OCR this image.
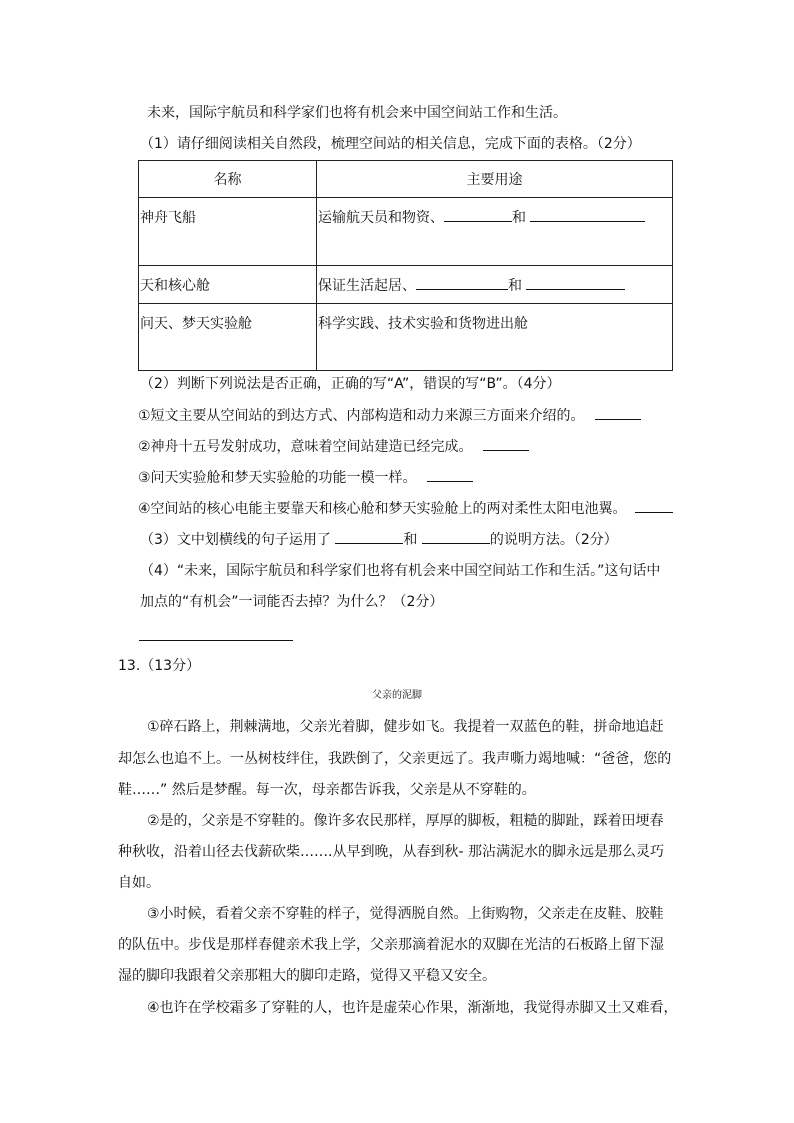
未来，国际宇航员和科学家们也将有机会来中国空间站工作和生活。
（1）请仔细阅读相关自然段，梳理空间站的相关信息，完成下面的表格。（2分）
名称	主要用途
神舟飞船	运输航天员和物资、 和
天和核心舱	保证生活起居、 和
问天、梦天实验舱	科学实践、技术实验和货物进出舱
（2）判断下列说法是否正确，正确的写“A”，错误的写“B”。（4分）
①短文主要从空间站的到达方式、内部构造和动力来源三方面来介绍的。
②神舟十五号发射成功，意味着空间站建造已经完成。
③问天实验舱和梦天实验舱的功能一模一样。
④空间站的核心电能主要靠天和核心舱和梦天实验舱上的两对柔性太阳电池翼。
（3）文中划横线的句子运用了	和	的说明方法。（2分）
（4）“未来，国际宇航员和科学家们也将有机会来中国空间站工作和生活。”这句话中
加点的“有机会”一词能否去掉？为什么？（2分）
13.（13分）
父亲的泥脚
①碎石路上，荆棘满地，父亲光着脚，健步如飞。我提着一双蓝色的鞋，拼命地追赶
却怎么也追不上。一丛树枝绊住，我跌倒了，父亲更远了。我声嘶力竭地喊：“爸爸，您的
鞋……” 然后是梦醒。每一次，母亲都告诉我，父亲是从不穿鞋的。
②是的，父亲是不穿鞋的。像许多农民那样，厚厚的脚板，粗糙的脚趾，踩着田埂春
种秋收，沿着山径去伐薪砍柴…….从早到晚，从春到秋- 那沾满泥水的脚永远是那么灵巧
自如。
③小时候，看着父亲不穿鞋的样子，觉得洒脱自然。上街购物，父亲走在皮鞋、胶鞋
的队伍中。步伐是那样春健亲术我上学，父亲那滴着泥水的双脚在光洁的石板路上留下湿
湿的脚印我跟着父亲那粗大的脚印走路，觉得又平稳又安全。
④也许在学校霜多了穿鞋的人，也许是虚荣心作果，渐渐地，我觉得赤脚又土又难看，
